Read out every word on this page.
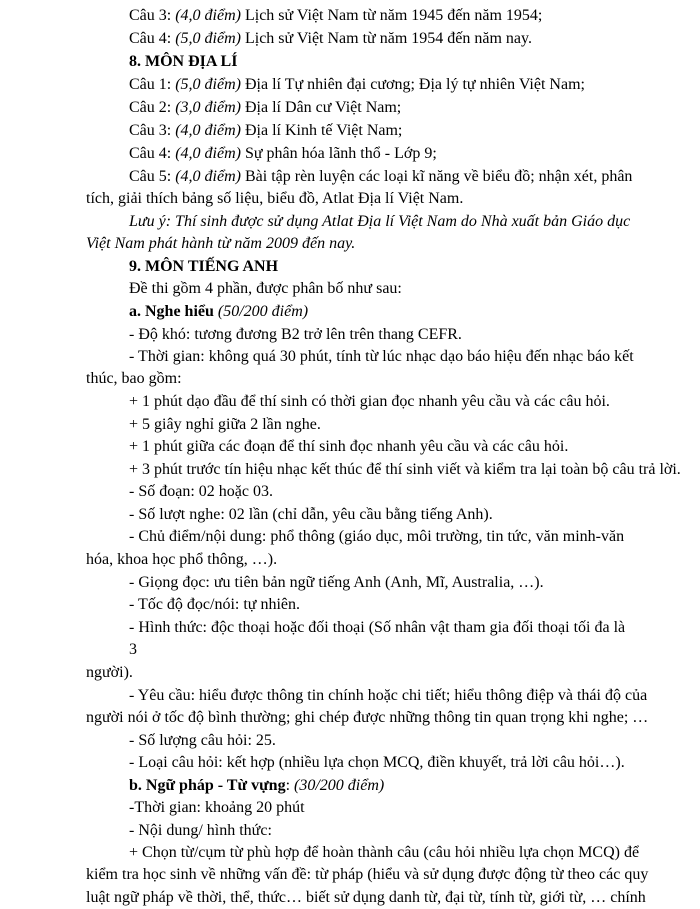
Câu 3: (4,0 điểm) Lịch sử Việt Nam từ năm 1945 đến năm 1954;
Câu 4: (5,0 điểm) Lịch sử Việt Nam từ năm 1954 đến năm nay.
8. MÔN ĐỊA LÍ
Câu 1: (5,0 điểm) Địa lí Tự nhiên đại cương; Địa lý tự nhiên Việt Nam;
Câu 2: (3,0 điểm) Địa lí Dân cư Việt Nam;
Câu 3: (4,0 điểm) Địa lí Kinh tế Việt Nam;
Câu 4: (4,0 điểm) Sự phân hóa lãnh thổ - Lớp 9;
Câu 5: (4,0 điểm) Bài tập rèn luyện các loại kĩ năng về biểu đồ; nhận xét, phân
tích, giải thích bảng số liệu, biểu đồ, Atlat Địa lí Việt Nam.
Lưu ý: Thí sinh được sử dụng Atlat Địa lí Việt Nam do Nhà xuất bản Giáo dục
Việt Nam phát hành từ năm 2009 đến nay.
9. MÔN TIẾNG ANH
Đề thi gồm 4 phần, được phân bố như sau:
a. Nghe hiểu (50/200 điểm)
- Độ khó: tương đương B2 trở lên trên thang CEFR.
- Thời gian: không quá 30 phút, tính từ lúc nhạc dạo báo hiệu đến nhạc báo kết
thúc, bao gồm:
+ 1 phút dạo đầu để thí sinh có thời gian đọc nhanh yêu cầu và các câu hỏi.
+ 5 giây nghỉ giữa 2 lần nghe.
+ 1 phút giữa các đoạn để thí sinh đọc nhanh yêu cầu và các câu hỏi.
+ 3 phút trước tín hiệu nhạc kết thúc để thí sinh viết và kiểm tra lại toàn bộ câu trả lời.
- Số đoạn: 02 hoặc 03.
- Số lượt nghe: 02 lần (chỉ dẫn, yêu cầu bằng tiếng Anh).
- Chủ điểm/nội dung: phổ thông (giáo dục, môi trường, tin tức, văn minh-văn
hóa, khoa học phổ thông, …).
- Giọng đọc: ưu tiên bản ngữ tiếng Anh (Anh, Mĩ, Australia, …).
- Tốc độ đọc/nói: tự nhiên.
- Hình thức: độc thoại hoặc đối thoại (Số nhân vật tham gia đối thoại tối đa là
3
người).
- Yêu cầu: hiểu được thông tin chính hoặc chi tiết; hiểu thông điệp và thái độ của
người nói ở tốc độ bình thường; ghi chép được những thông tin quan trọng khi nghe; …
- Số lượng câu hỏi: 25.
- Loại câu hỏi: kết hợp (nhiều lựa chọn MCQ, điền khuyết, trả lời câu hỏi…).
b. Ngữ pháp - Từ vựng: (30/200 điểm)
-Thời gian: khoảng 20 phút
- Nội dung/ hình thức:
+ Chọn từ/cụm từ phù hợp để hoàn thành câu (câu hỏi nhiều lựa chọn MCQ) để
kiểm tra học sinh về những vấn đề: từ pháp (hiểu và sử dụng được động từ theo các quy
luật ngữ pháp về thời, thể, thức… biết sử dụng danh từ, đại từ, tính từ, giới từ, … chính
